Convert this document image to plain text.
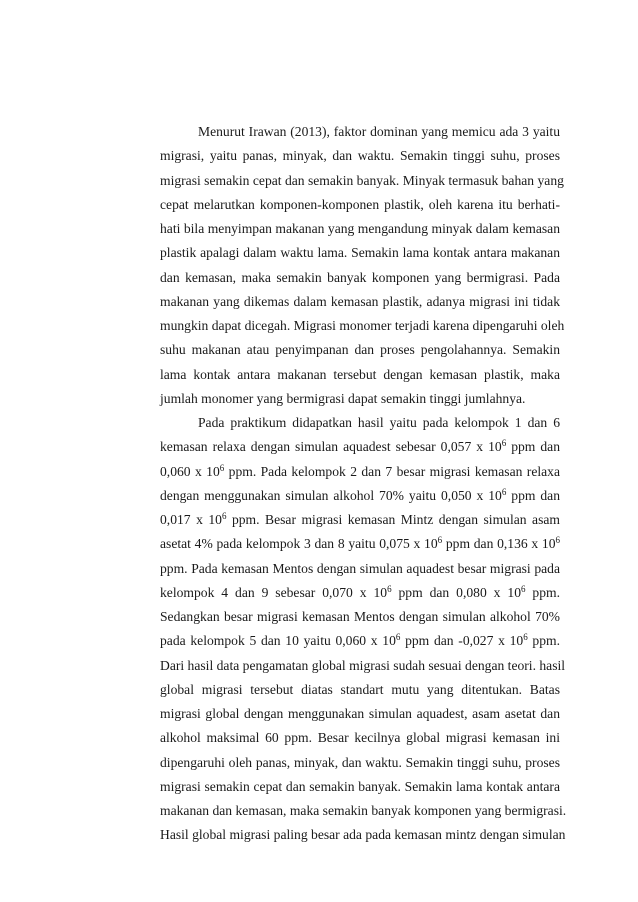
Menurut Irawan (2013), faktor dominan yang memicu ada 3 yaitu
migrasi, yaitu panas, minyak, dan waktu. Semakin tinggi suhu, proses
migrasi semakin cepat dan semakin banyak. Minyak termasuk bahan yang
cepat melarutkan komponen-komponen plastik, oleh karena itu berhati-
hati bila menyimpan makanan yang mengandung minyak dalam kemasan
plastik apalagi dalam waktu lama. Semakin lama kontak antara makanan
dan kemasan, maka semakin banyak komponen yang bermigrasi. Pada
makanan yang dikemas dalam kemasan plastik, adanya migrasi ini tidak
mungkin dapat dicegah. Migrasi monomer terjadi karena dipengaruhi oleh
suhu makanan atau penyimpanan dan proses pengolahannya. Semakin
lama kontak antara makanan tersebut dengan kemasan plastik, maka
jumlah monomer yang bermigrasi dapat semakin tinggi jumlahnya.
Pada praktikum didapatkan hasil yaitu pada kelompok 1 dan 6
kemasan relaxa dengan simulan aquadest sebesar 0,057 x $10^6$ ppm dan
0,060 x $10^6$ ppm. Pada kelompok 2 dan 7 besar migrasi kemasan relaxa
dengan menggunakan simulan alkohol 70% yaitu 0,050 x $10^6$ ppm dan
0,017 x $10^6$ ppm. Besar migrasi kemasan Mintz dengan simulan asam
asetat 4% pada kelompok 3 dan 8 yaitu 0,075 x $10^6$ ppm dan 0,136 x $10^6$
ppm. Pada kemasan Mentos dengan simulan aquadest besar migrasi pada
kelompok 4 dan 9 sebesar 0,070 x $10^6$ ppm dan 0,080 x $10^6$ ppm.
Sedangkan besar migrasi kemasan Mentos dengan simulan alkohol 70%
pada kelompok 5 dan 10 yaitu 0,060 x $10^6$ ppm dan -0,027 x $10^6$ ppm.
Dari hasil data pengamatan global migrasi sudah sesuai dengan teori. hasil
global migrasi tersebut diatas standart mutu yang ditentukan. Batas
migrasi global dengan menggunakan simulan aquadest, asam asetat dan
alkohol maksimal 60 ppm. Besar kecilnya global migrasi kemasan ini
dipengaruhi oleh panas, minyak, dan waktu. Semakin tinggi suhu, proses
migrasi semakin cepat dan semakin banyak. Semakin lama kontak antara
makanan dan kemasan, maka semakin banyak komponen yang bermigrasi.
Hasil global migrasi paling besar ada pada kemasan mintz dengan simulan
